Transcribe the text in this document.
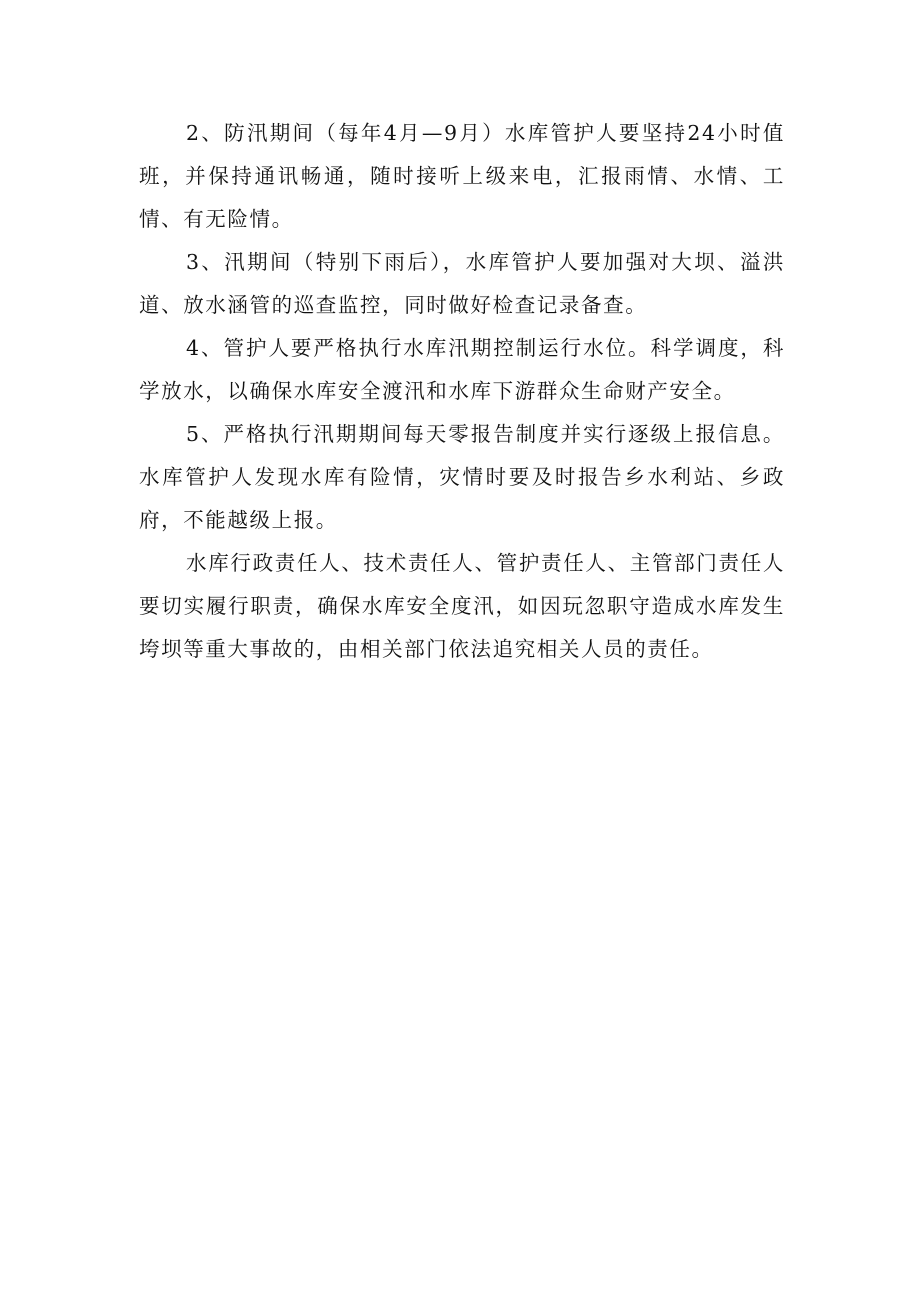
2、防汛期间（每年4月—9月）水库管护人要坚持24小时值班，并保持通讯畅通，随时接听上级来电，汇报雨情、水情、工情、有无险情。

3、汛期间（特别下雨后），水库管护人要加强对大坝、溢洪道、放水涵管的巡查监控，同时做好检查记录备查。

4、管护人要严格执行水库汛期控制运行水位。科学调度，科学放水，以确保水库安全渡汛和水库下游群众生命财产安全。

5、严格执行汛期期间每天零报告制度并实行逐级上报信息。水库管护人发现水库有险情，灾情时要及时报告乡水利站、乡政府，不能越级上报。

水库行政责任人、技术责任人、管护责任人、主管部门责任人要切实履行职责，确保水库安全度汛，如因玩忽职守造成水库发生垮坝等重大事故的，由相关部门依法追究相关人员的责任。
